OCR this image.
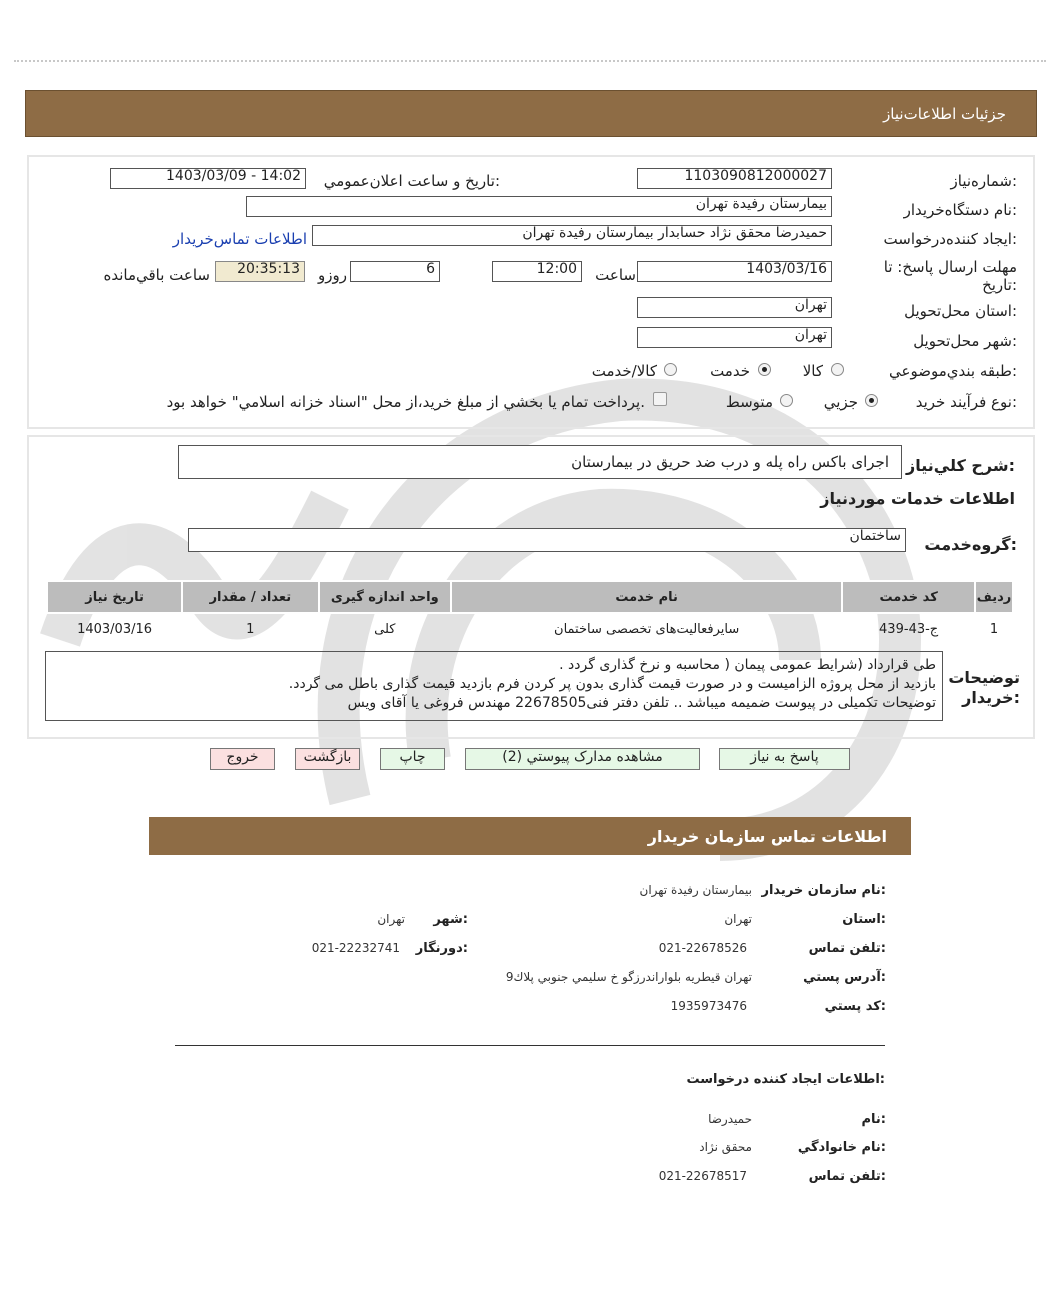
جزئيات اطلاعات‌نياز
شماره‌نياز:
1103090812000027
تاريخ و ساعت اعلان‌عمومي:
1403/03/09 - 14:02
نام دستگاه‌خريدار:
بيمارستان رفيدة تهران
ايجاد كننده‌درخواست:
حميدرضا محقق نژاد حسابدار بيمارستان رفيدة تهران
اطلاعات تماس‌خريدار
مهلت ارسال پاسخ: تا
تاريخ:
1403/03/16
ساعت
12:00
6
روزو
20:35:13
ساعت باقي‌مانده
استان محل‌تحويل:
تهران
شهر محل‌تحويل:
تهران
طبقه بندي‌موضوعي:
كالا
خدمت
كالا/خدمت
نوع فرآيند خريد:
جزيي
متوسط
پرداخت تمام يا بخشي از مبلغ خريد،از محل "اسناد خزانه اسلامي" خواهد بود.
شرح كلي‌نياز:
اجرای باکس راه پله و درب ضد حریق در بیمارستان
اطلاعات خدمات موردنياز
گروه‌خدمت:
ساختمان
رديف	كد خدمت	نام خدمت	واحد اندازه گيری	تعداد / مقدار	تاريخ نياز
1	ج-43-439	سايرفعاليت‌های تخصصی ساختمان	کلی	1	1403/03/16
توضيحات
خريدار:
طی قرارداد (شرایط عمومی پیمان ( محاسبه و نرخ گذاری گردد .
بازدید از محل پروژه الزامیست و در صورت قیمت گذاری بدون پر کردن فرم بازدید قیمت گذاری باطل می گردد.
توضیحات تکمیلی در پیوست ضمیمه میباشد .. تلفن دفتر فنی22678505 مهندس فروغی یا آقای ویس
پاسخ به نياز
مشاهده مدارک پيوستي (2)
چاپ
بازگشت
خروج
اطلاعات تماس سازمان خريدار
نام سازمان خريدار:
بيمارستان رفيدة تهران
استان:
تهران
شهر:
تهران
تلفن تماس:
021-22678526
دورنگار:
021-22232741
آدرس پستي:
تهران قيطريه بلواراندرزگو خ سليمي جنوبي پلاك9
كد پستي:
1935973476
اطلاعات ايجاد كننده درخواست:
نام:
حميدرضا
نام خانوادگي:
محقق نژاد
تلفن تماس:
021-22678517
